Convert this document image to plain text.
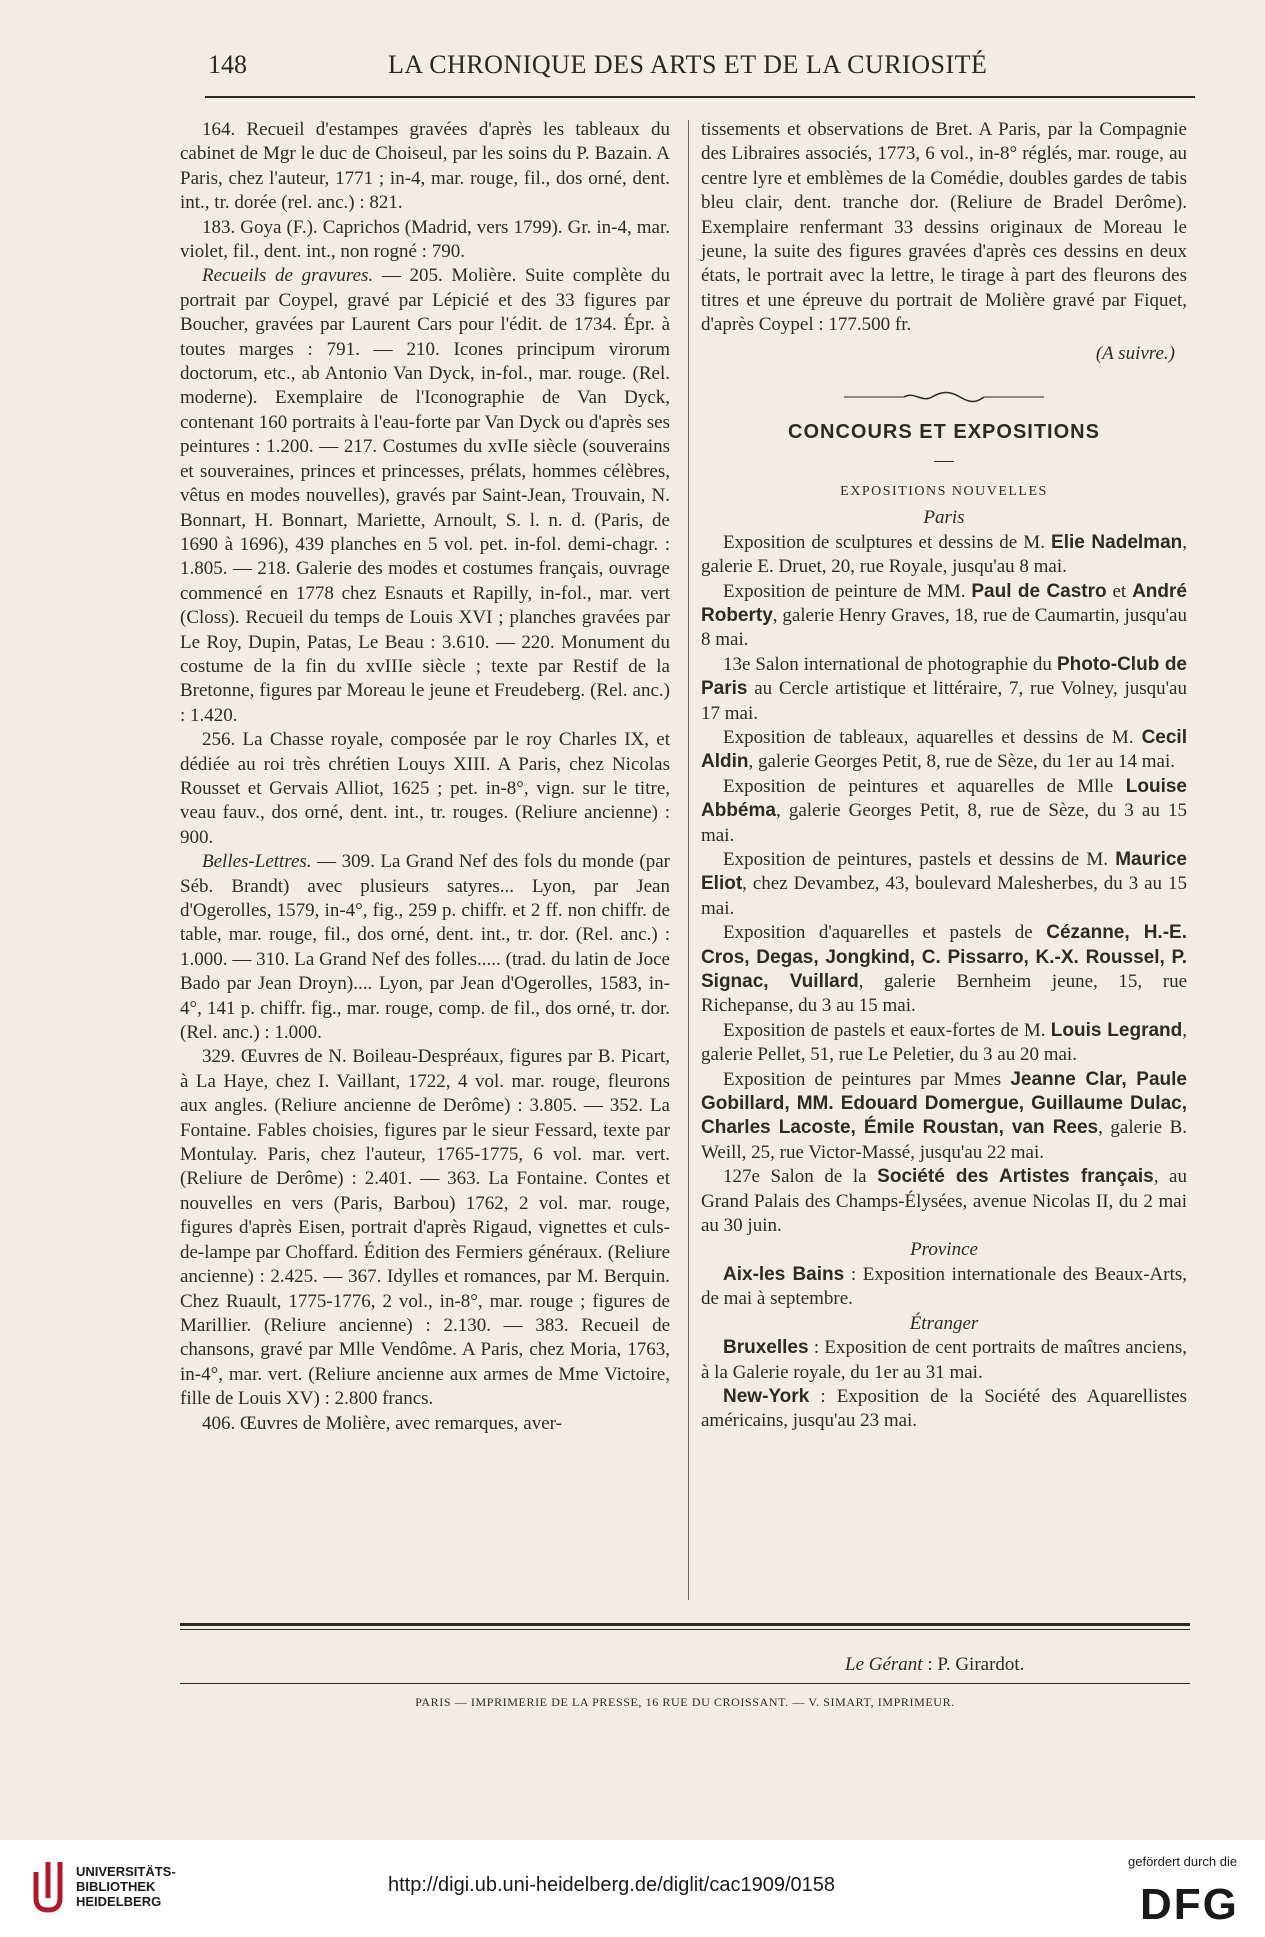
148	LA CHRONIQUE DES ARTS ET DE LA CURIOSITÉ

164. Recueil d'estampes gravées d'après les tableaux du cabinet de Mgr le duc de Choiseul, par les soins du P. Bazain. A Paris, chez l'auteur, 1771 ; in-4, mar. rouge, fil., dos orné, dent. int., tr. dorée (rel. anc.) : 821.

183. Goya (F.). Caprichos (Madrid, vers 1799). Gr. in-4, mar. violet, fil., dent. int., non rogné : 790.

Recueils de gravures. — 205. Molière. Suite complète du portrait par Coypel, gravé par Lépicié et des 33 figures par Boucher, gravées par Laurent Cars pour l'édit. de 1734. Épr. à toutes marges : 791. — 210. Icones principum virorum doctorum, etc., ab Antonio Van Dyck, in-fol., mar. rouge. (Rel. moderne). Exemplaire de l'Iconographie de Van Dyck, contenant 160 portraits à l'eau-forte par Van Dyck ou d'après ses peintures : 1.200. — 217. Costumes du xvIIe siècle (souverains et souveraines, princes et princesses, prélats, hommes célèbres, vêtus en modes nouvelles), gravés par Saint-Jean, Trouvain, N. Bonnart, H. Bonnart, Mariette, Arnoult, S. l. n. d. (Paris, de 1690 à 1696), 439 planches en 5 vol. pet. in-fol. demi-chagr. : 1.805. — 218. Galerie des modes et costumes français, ouvrage commencé en 1778 chez Esnauts et Rapilly, in-fol., mar. vert (Closs). Recueil du temps de Louis XVI ; planches gravées par Le Roy, Dupin, Patas, Le Beau : 3.610. — 220. Monument du costume de la fin du xvIIIe siècle ; texte par Restif de la Bretonne, figures par Moreau le jeune et Freudeberg. (Rel. anc.) : 1.420.

256. La Chasse royale, composée par le roy Charles IX, et dédiée au roi très chrétien Louys XIII. A Paris, chez Nicolas Rousset et Gervais Alliot, 1625 ; pet. in-8°, vign. sur le titre, veau fauv., dos orné, dent. int., tr. rouges. (Reliure ancienne) : 900.

Belles-Lettres. — 309. La Grand Nef des fols du monde (par Séb. Brandt) avec plusieurs satyres... Lyon, par Jean d'Ogerolles, 1579, in-4°, fig., 259 p. chiffr. et 2 ff. non chiffr. de table, mar. rouge, fil., dos orné, dent. int., tr. dor. (Rel. anc.) : 1.000. — 310. La Grand Nef des folles..... (trad. du latin de Joce Bado par Jean Droyn).... Lyon, par Jean d'Ogerolles, 1583, in-4°, 141 p. chiffr. fig., mar. rouge, comp. de fil., dos orné, tr. dor. (Rel. anc.) : 1.000.

329. Œuvres de N. Boileau-Despréaux, figures par B. Picart, à La Haye, chez I. Vaillant, 1722, 4 vol. mar. rouge, fleurons aux angles. (Reliure ancienne de Derôme) : 3.805. — 352. La Fontaine. Fables choisies, figures par le sieur Fessard, texte par Montulay. Paris, chez l'auteur, 1765-1775, 6 vol. mar. vert. (Reliure de Derôme) : 2.401. — 363. La Fontaine. Contes et nouvelles en vers (Paris, Barbou) 1762, 2 vol. mar. rouge, figures d'après Eisen, portrait d'après Rigaud, vignettes et culs-de-lampe par Choffard. Édition des Fermiers généraux. (Reliure ancienne) : 2.425. — 367. Idylles et romances, par M. Berquin. Chez Ruault, 1775-1776, 2 vol., in-8°, mar. rouge ; figures de Marillier. (Reliure ancienne) : 2.130. — 383. Recueil de chansons, gravé par Mlle Vendôme. A Paris, chez Moria, 1763, in-4°, mar. vert. (Reliure ancienne aux armes de Mme Victoire, fille de Louis XV) : 2.800 francs.

406. Œuvres de Molière, avec remarques, aver-

tissements et observations de Bret. A Paris, par la Compagnie des Libraires associés, 1773, 6 vol., in-8° réglés, mar. rouge, au centre lyre et emblèmes de la Comédie, doubles gardes de tabis bleu clair, dent. tranche dor. (Reliure de Bradel Derôme). Exemplaire renfermant 33 dessins originaux de Moreau le jeune, la suite des figures gravées d'après ces dessins en deux états, le portrait avec la lettre, le tirage à part des fleurons des titres et une épreuve du portrait de Molière gravé par Fiquet, d'après Coypel : 177.500 fr.

(A suivre.)

CONCOURS ET EXPOSITIONS

EXPOSITIONS NOUVELLES

Paris

Exposition de sculptures et dessins de M. Elie Nadelman, galerie E. Druet, 20, rue Royale, jusqu'au 8 mai.

Exposition de peinture de MM. Paul de Castro et André Roberty, galerie Henry Graves, 18, rue de Caumartin, jusqu'au 8 mai.

13e Salon international de photographie du Photo-Club de Paris au Cercle artistique et littéraire, 7, rue Volney, jusqu'au 17 mai.

Exposition de tableaux, aquarelles et dessins de M. Cecil Aldin, galerie Georges Petit, 8, rue de Sèze, du 1er au 14 mai.

Exposition de peintures et aquarelles de Mlle Louise Abbéma, galerie Georges Petit, 8, rue de Sèze, du 3 au 15 mai.

Exposition de peintures, pastels et dessins de M. Maurice Eliot, chez Devambez, 43, boulevard Malesherbes, du 3 au 15 mai.

Exposition d'aquarelles et pastels de Cézanne, H.-E. Cros, Degas, Jongkind, C. Pissarro, K.-X. Roussel, P. Signac, Vuillard, galerie Bernheim jeune, 15, rue Richepanse, du 3 au 15 mai.

Exposition de pastels et eaux-fortes de M. Louis Legrand, galerie Pellet, 51, rue Le Peletier, du 3 au 20 mai.

Exposition de peintures par Mmes Jeanne Clar, Paule Gobillard, MM. Edouard Domergue, Guillaume Dulac, Charles Lacoste, Émile Roustan, van Rees, galerie B. Weill, 25, rue Victor-Massé, jusqu'au 22 mai.

127e Salon de la Société des Artistes français, au Grand Palais des Champs-Élysées, avenue Nicolas II, du 2 mai au 30 juin.

Province

Aix-les Bains : Exposition internationale des Beaux-Arts, de mai à septembre.

Étranger

Bruxelles : Exposition de cent portraits de maîtres anciens, à la Galerie royale, du 1er au 31 mai.

New-York : Exposition de la Société des Aquarellistes américains, jusqu'au 23 mai.

Le Gérant : P. Girardot.
PARIS — IMPRIMERIE DE LA PRESSE, 16 RUE DU CROISSANT. — V. SIMART, IMPRIMEUR.
UNIVERSITÄTS-
BIBLIOTHEK
HEIDELBERG
http://digi.ub.uni-heidelberg.de/diglit/cac1909/0158
gefördert durch die
DFG
